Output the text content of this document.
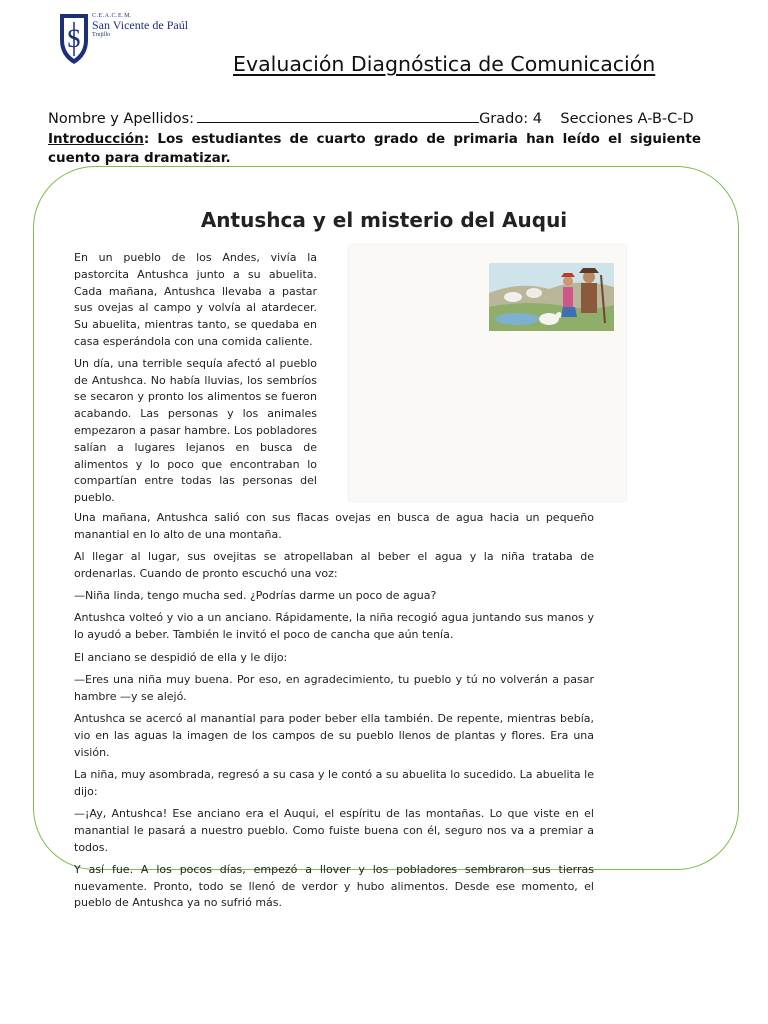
S
C.E.A.C.E.M.
San Vicente de Paúl
Trujillo
Evaluación Diagnóstica de Comunicación
Nombre y Apellidos:	Grado: 4 Secciones A-B-C-D
Introducción: Los estudiantes de cuarto grado de primaria han leído el siguiente cuento para dramatizar.
Antushca y el misterio del Auqui

En un pueblo de los Andes, vivía la pastorcita Antushca junto a su abuelita. Cada mañana, Antushca llevaba a pastar sus ovejas al campo y volvía al atardecer. Su abuelita, mientras tanto, se quedaba en casa esperándola con una comida caliente.

Un día, una terrible sequía afectó al pueblo de Antushca. No había lluvias, los sembríos se secaron y pronto los alimentos se fueron acabando. Las personas y los animales empezaron a pasar hambre. Los pobladores salían a lugares lejanos en busca de alimentos y lo poco que encontraban lo compartían entre todas las personas del pueblo.

Una mañana, Antushca salió con sus flacas ovejas en busca de agua hacia un pequeño manantial en lo alto de una montaña.

Al llegar al lugar, sus ovejitas se atropellaban al beber el agua y la niña trataba de ordenarlas. Cuando de pronto escuchó una voz:

—Niña linda, tengo mucha sed. ¿Podrías darme un poco de agua?

Antushca volteó y vio a un anciano. Rápidamente, la niña recogió agua juntando sus manos y lo ayudó a beber. También le invitó el poco de cancha que aún tenía.

El anciano se despidió de ella y le dijo:

—Eres una niña muy buena. Por eso, en agradecimiento, tu pueblo y tú no volverán a pasar hambre —y se alejó.

Antushca se acercó al manantial para poder beber ella también. De repente, mientras bebía, vio en las aguas la imagen de los campos de su pueblo llenos de plantas y flores. Era una visión.

La niña, muy asombrada, regresó a su casa y le contó a su abuelita lo sucedido. La abuelita le dijo:

—¡Ay, Antushca! Ese anciano era el Auqui, el espíritu de las montañas. Lo que viste en el manantial le pasará a nuestro pueblo. Como fuiste buena con él, seguro nos va a premiar a todos.

Y así fue. A los pocos días, empezó a llover y los pobladores sembraron sus tierras nuevamente. Pronto, todo se llenó de verdor y hubo alimentos. Desde ese momento, el pueblo de Antushca ya no sufrió más.
